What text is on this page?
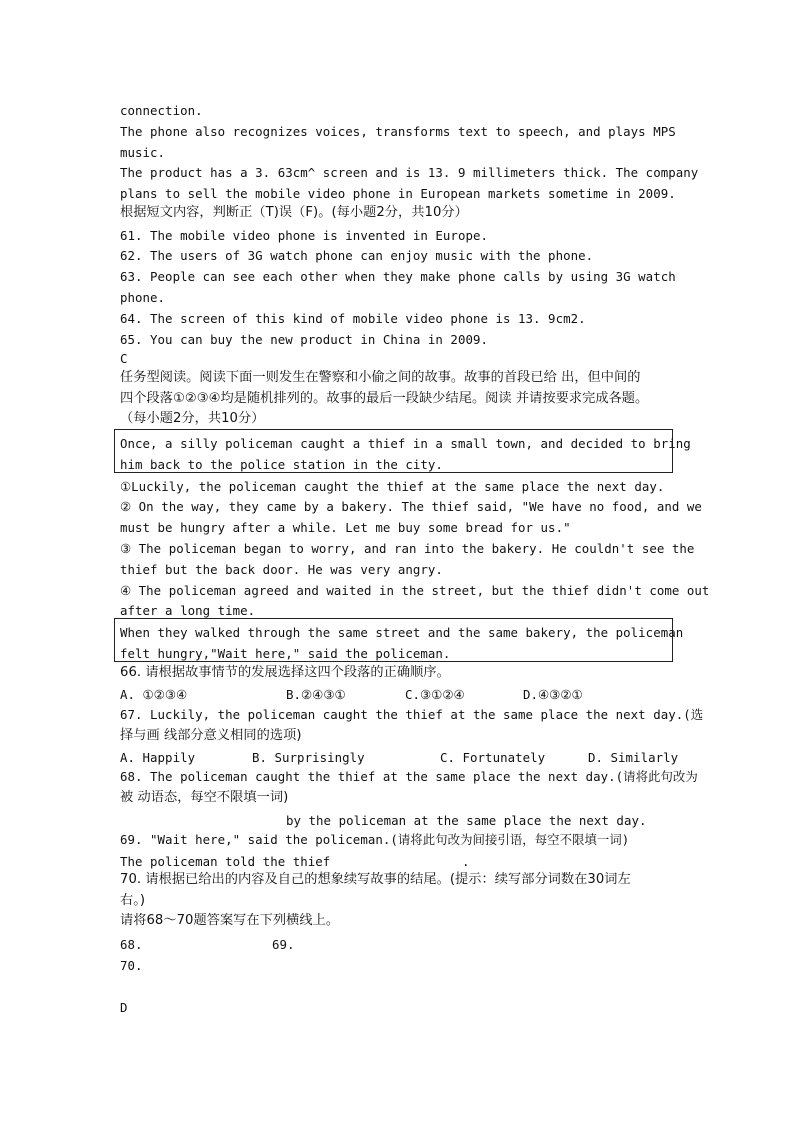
connection.
The phone also recognizes voices, transforms text to speech, and plays MPS
music.
The product has a 3. 63cm^ screen and is 13. 9 millimeters thick. The company
plans to sell the mobile video phone in European markets sometime in 2009.
根据短文内容，判断正（T)误（F)。(每小题2分，共10分）
61. The mobile video phone is invented in Europe.
62. The users of 3G watch phone can enjoy music with the phone.
63. People can see each other when they make phone calls by using 3G watch
phone.
64. The screen of this kind of mobile video phone is 13. 9cm2.
65. You can buy the new product in China in 2009.
C
任务型阅读。阅读下面一则发生在警察和小偷之间的故事。故事的首段已给 出，但中间的
四个段落①②③④均是随机排列的。故事的最后一段缺少结尾。阅读 并请按要求完成各题。
（每小题2分，共10分）
Once, a silly policeman caught a thief in a small town, and decided to bring
him back to the police station in the city.
①Luckily, the policeman caught the thief at the same place the next day.
② On the way, they came by a bakery. The thief said, "We have no food, and we
must be hungry after a while. Let me buy some bread for us."
③ The policeman began to worry, and ran into the bakery. He couldn't see the
thief but the back door. He was very angry.
④ The policeman agreed and waited in the street, but the thief didn't come out
after a long time.
When they walked through the same street and the same bakery, the policeman
felt hungry,"Wait here," said the policeman.
66. 请根据故事情节的发展选择这四个段落的正确顺序。
A. ①②③④	B.②④③①	C.③①②④	D.④③②①
67. Luckily, the policeman caught the thief at the same place the next day.(选
择与画 线部分意义相同的选项)
A. Happily	B. Surprisingly	C. Fortunately	D. Similarly
68. The policeman caught the thief at the same place the next day.(请将此句改为
被 动语态，每空不限填一词)
by the policeman at the same place the next day.
69. "Wait here," said the policeman.(请将此句改为间接引语，每空不限填一词)
The policeman told the thief	.
70. 请根据已给出的内容及自己的想象续写故事的结尾。(提示：续写部分词数在30词左
右。)
请将68～70题答案写在下列横线上。
68.	69.
70.
D
